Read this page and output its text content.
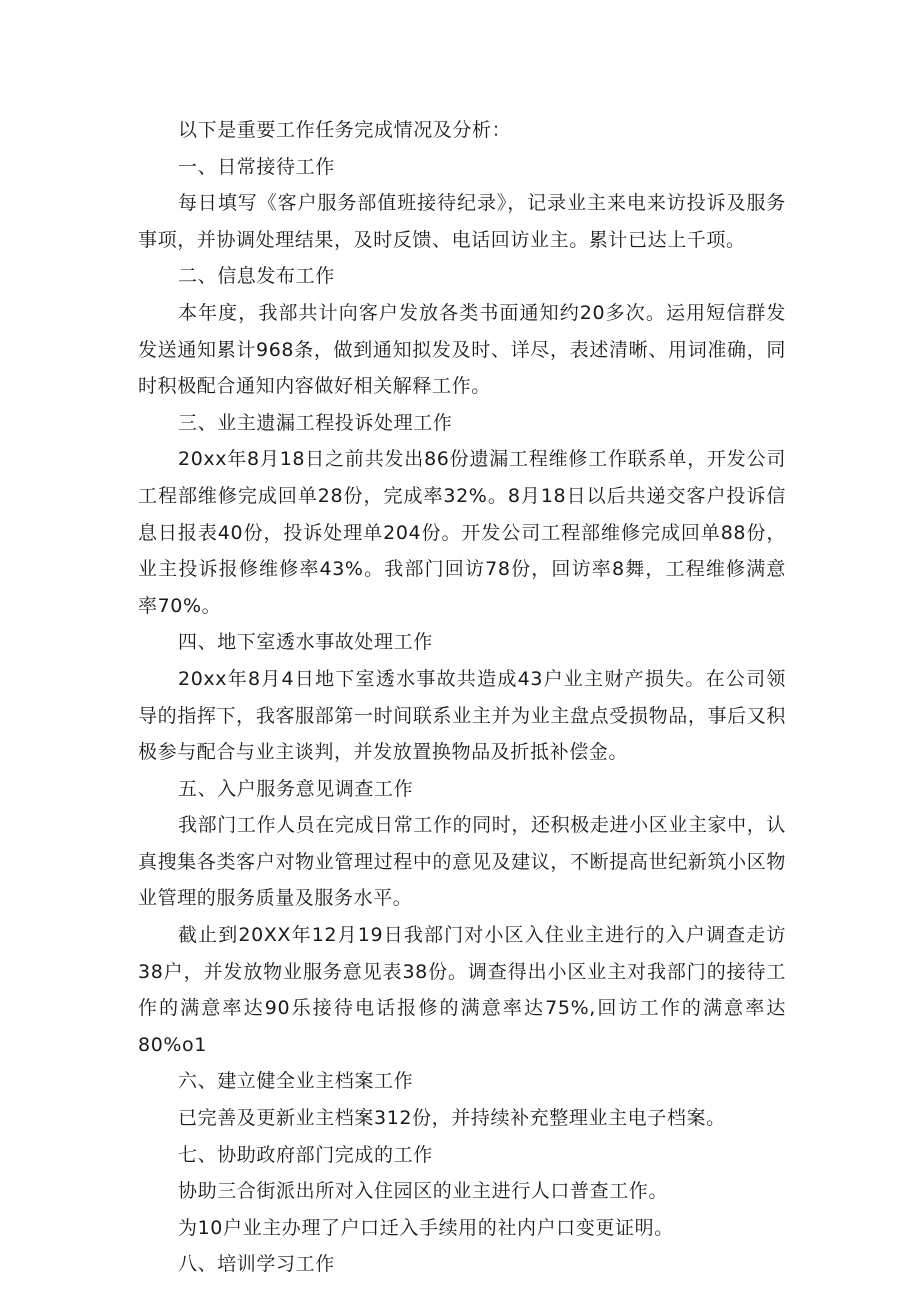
以下是重要工作任务完成情况及分析：

一、日常接待工作

每日填写《客户服务部值班接待纪录》，记录业主来电来访投诉及服务事项，并协调处理结果，及时反馈、电话回访业主。累计已达上千项。

二、信息发布工作

本年度，我部共计向客户发放各类书面通知约20多次。运用短信群发发送通知累计968条，做到通知拟发及时、详尽，表述清晰、用词准确，同时积极配合通知内容做好相关解释工作。

三、业主遗漏工程投诉处理工作

20xx年8月18日之前共发出86份遗漏工程维修工作联系单，开发公司工程部维修完成回单28份，完成率32%。8月18日以后共递交客户投诉信息日报表40份，投诉处理单204份。开发公司工程部维修完成回单88份，业主投诉报修维修率43%。我部门回访78份，回访率8舞，工程维修满意率70%。

四、地下室透水事故处理工作

20xx年8月4日地下室透水事故共造成43户业主财产损失。在公司领导的指挥下，我客服部第一时间联系业主并为业主盘点受损物品，事后又积极参与配合与业主谈判，并发放置换物品及折抵补偿金。

五、入户服务意见调查工作

我部门工作人员在完成日常工作的同时，还积极走进小区业主家中，认真搜集各类客户对物业管理过程中的意见及建议，不断提高世纪新筑小区物业管理的服务质量及服务水平。

截止到20XX年12月19日我部门对小区入住业主进行的入户调查走访38户，并发放物业服务意见表38份。调查得出小区业主对我部门的接待工作的满意率达90乐接待电话报修的满意率达75%,回访工作的满意率达80%o1

六、建立健全业主档案工作

已完善及更新业主档案312份，并持续补充整理业主电子档案。

七、协助政府部门完成的工作

协助三合街派出所对入住园区的业主进行人口普查工作。

为10户业主办理了户口迁入手续用的社内户口变更证明。

八、培训学习工作
